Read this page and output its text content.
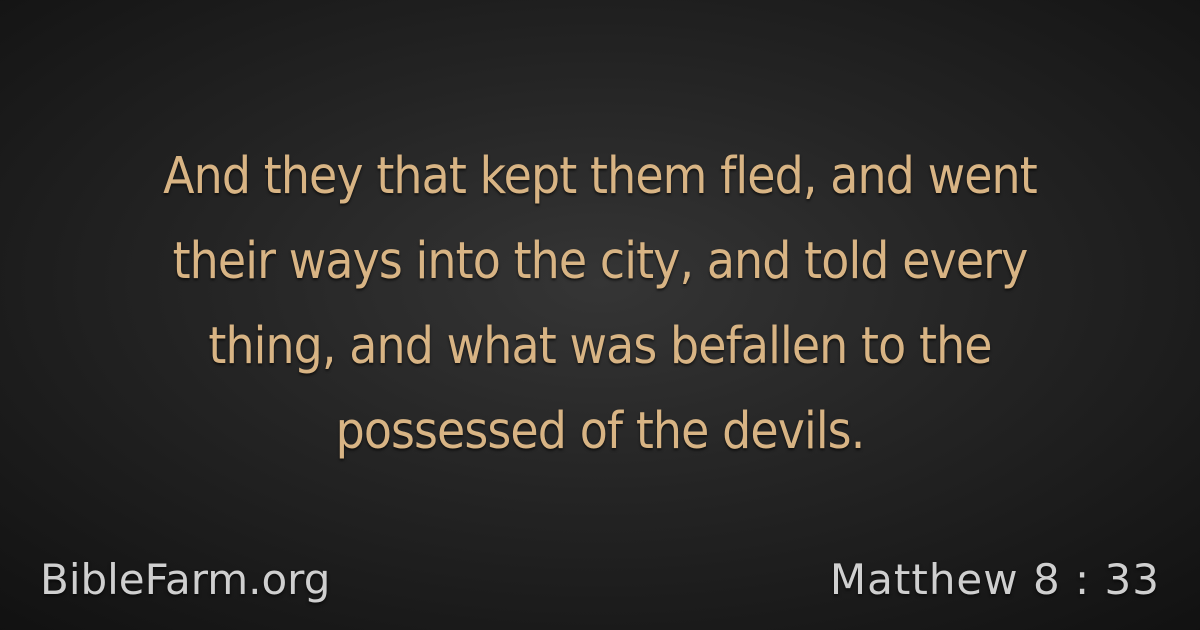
And they that kept them fled, and went
their ways into the city, and told every
thing, and what was befallen to the
possessed of the devils.
BibleFarm.org	Matthew 8 : 33
